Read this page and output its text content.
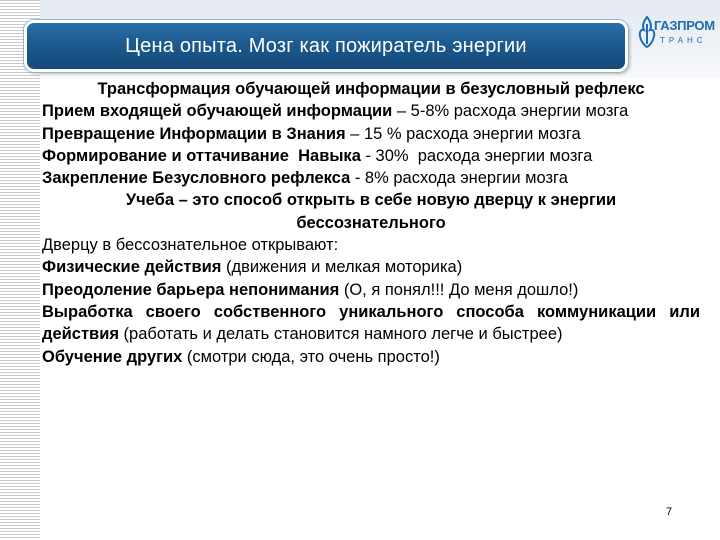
Цена опыта. Мозг как пожиратель энергии
ГАЗПРОМ
ТРАНС

Трансформация обучающей информации в безусловный рефлекс

Прием входящей обучающей информации – 5-8% расхода энергии мозга

Превращение Информации в Знания – 15 % расхода энергии мозга

Формирование и оттачивание  Навыка - 30%  расхода энергии мозга

Закрепление Безусловного рефлекса - 8% расхода энергии мозга

Учеба – это способ открыть в себе новую дверцу к энергии бессознательного

Дверцу в бессознательное открывают:

Физические действия (движения и мелкая моторика)

Преодоление барьера непонимания (О, я понял!!! До меня дошло!)

Выработка своего собственного уникального способа коммуникации или действия (работать и делать становится намного легче и быстрее)

Обучение других (смотри сюда, это очень просто!)

7
